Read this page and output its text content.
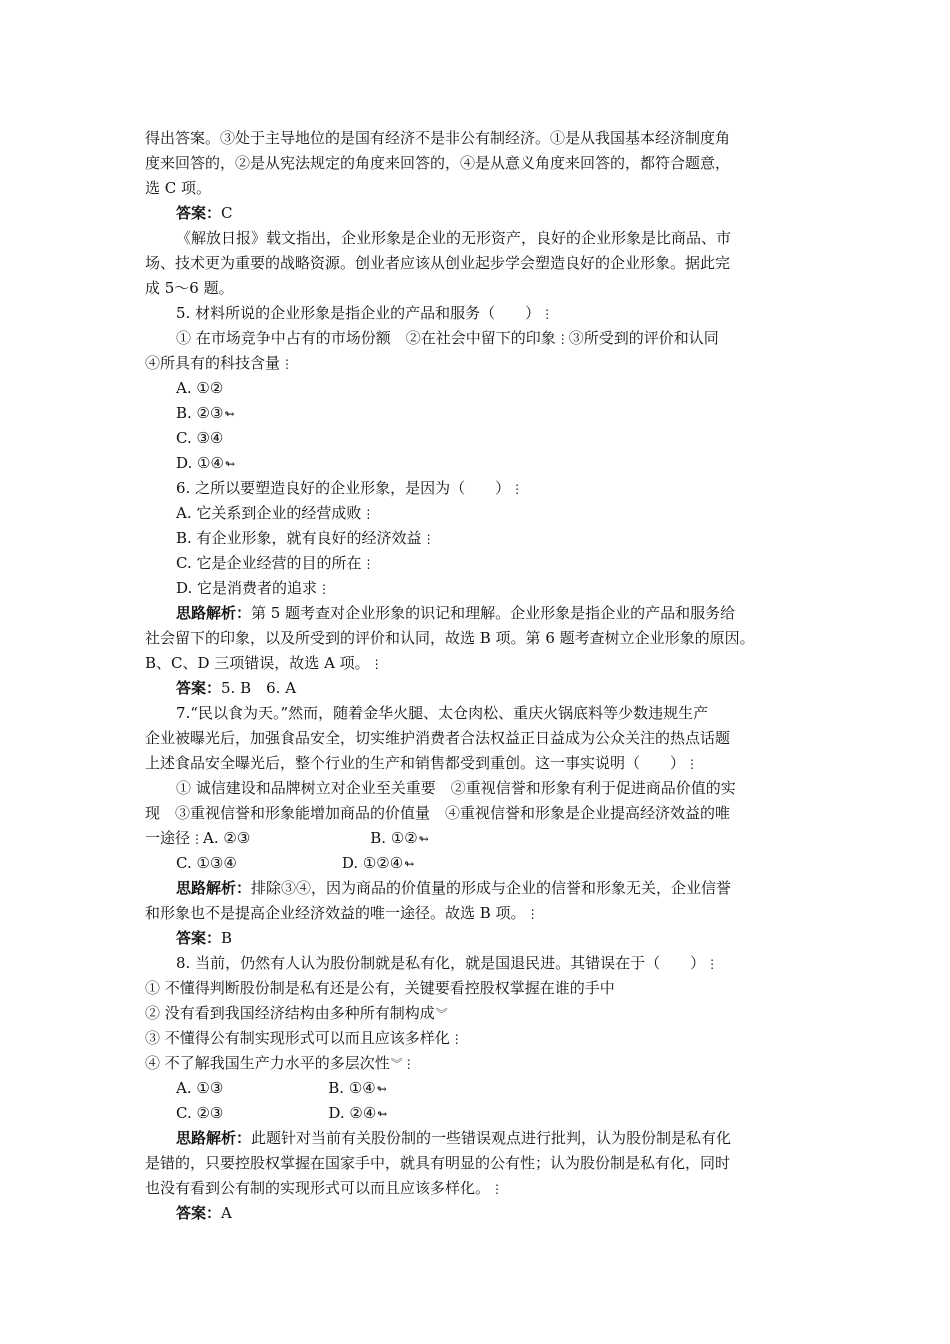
得出答案。③处于主导地位的是国有经济不是非公有制经济。①是从我国基本经济制度角
度来回答的，②是从宪法规定的角度来回答的，④是从意义角度来回答的，都符合题意，
选 C 项。
答案：C
《解放日报》载文指出，企业形象是企业的无形资产，良好的企业形象是比商品、市
场、技术更为重要的战略资源。创业者应该从创业起步学会塑造良好的企业形象。据此完
成 5～6 题。
5. 材料所说的企业形象是指企业的产品和服务（　　）⋮
① 在市场竞争中占有的市场份额　②在社会中留下的印象⋮③所受到的评价和认同
④所具有的科技含量⋮
A. ①②
B. ②③↬
C. ③④
D. ①④↬
6. 之所以要塑造良好的企业形象，是因为（　　）⋮
A. 它关系到企业的经营成败⋮
B. 有企业形象，就有良好的经济效益⋮
C. 它是企业经营的目的所在⋮
D. 它是消费者的追求⋮
思路解析：第 5 题考查对企业形象的识记和理解。企业形象是指企业的产品和服务给
社会留下的印象，以及所受到的评价和认同，故选 B 项。第 6 题考查树立企业形象的原因。
B、C、D 三项错误，故选 A 项。⋮
答案：5. B　6. A
7.“民以食为天。”然而，随着金华火腿、太仓肉松、重庆火锅底料等少数违规生产
企业被曝光后，加强食品安全，切实维护消费者合法权益正日益成为公众关注的热点话题
上述食品安全曝光后，整个行业的生产和销售都受到重创。这一事实说明（　　）⋮
① 诚信建设和品牌树立对企业至关重要　②重视信誉和形象有利于促进商品价值的实
现　③重视信誉和形象能增加商品的价值量　④重视信誉和形象是企业提高经济效益的唯
一途径⋮A. ②③　　　　　　　　B. ①②↬
C. ①③④　　　　　　　D. ①②④↬
思路解析：排除③④，因为商品的价值量的形成与企业的信誉和形象无关，企业信誉
和形象也不是提高企业经济效益的唯一途径。故选 B 项。⋮
答案：B
8. 当前，仍然有人认为股份制就是私有化，就是国退民进。其错误在于（　　）⋮
① 不懂得判断股份制是私有还是公有，关键要看控股权掌握在谁的手中
② 没有看到我国经济结构由多种所有制构成︾
③ 不懂得公有制实现形式可以而且应该多样化⋮
④ 不了解我国生产力水平的多层次性︾⋮
A. ①③　　　　　　　B. ①④↬
C. ②③　　　　　　　D. ②④↬
思路解析：此题针对当前有关股份制的一些错误观点进行批判，认为股份制是私有化
是错的，只要控股权掌握在国家手中，就具有明显的公有性；认为股份制是私有化，同时
也没有看到公有制的实现形式可以而且应该多样化。⋮
答案：A
